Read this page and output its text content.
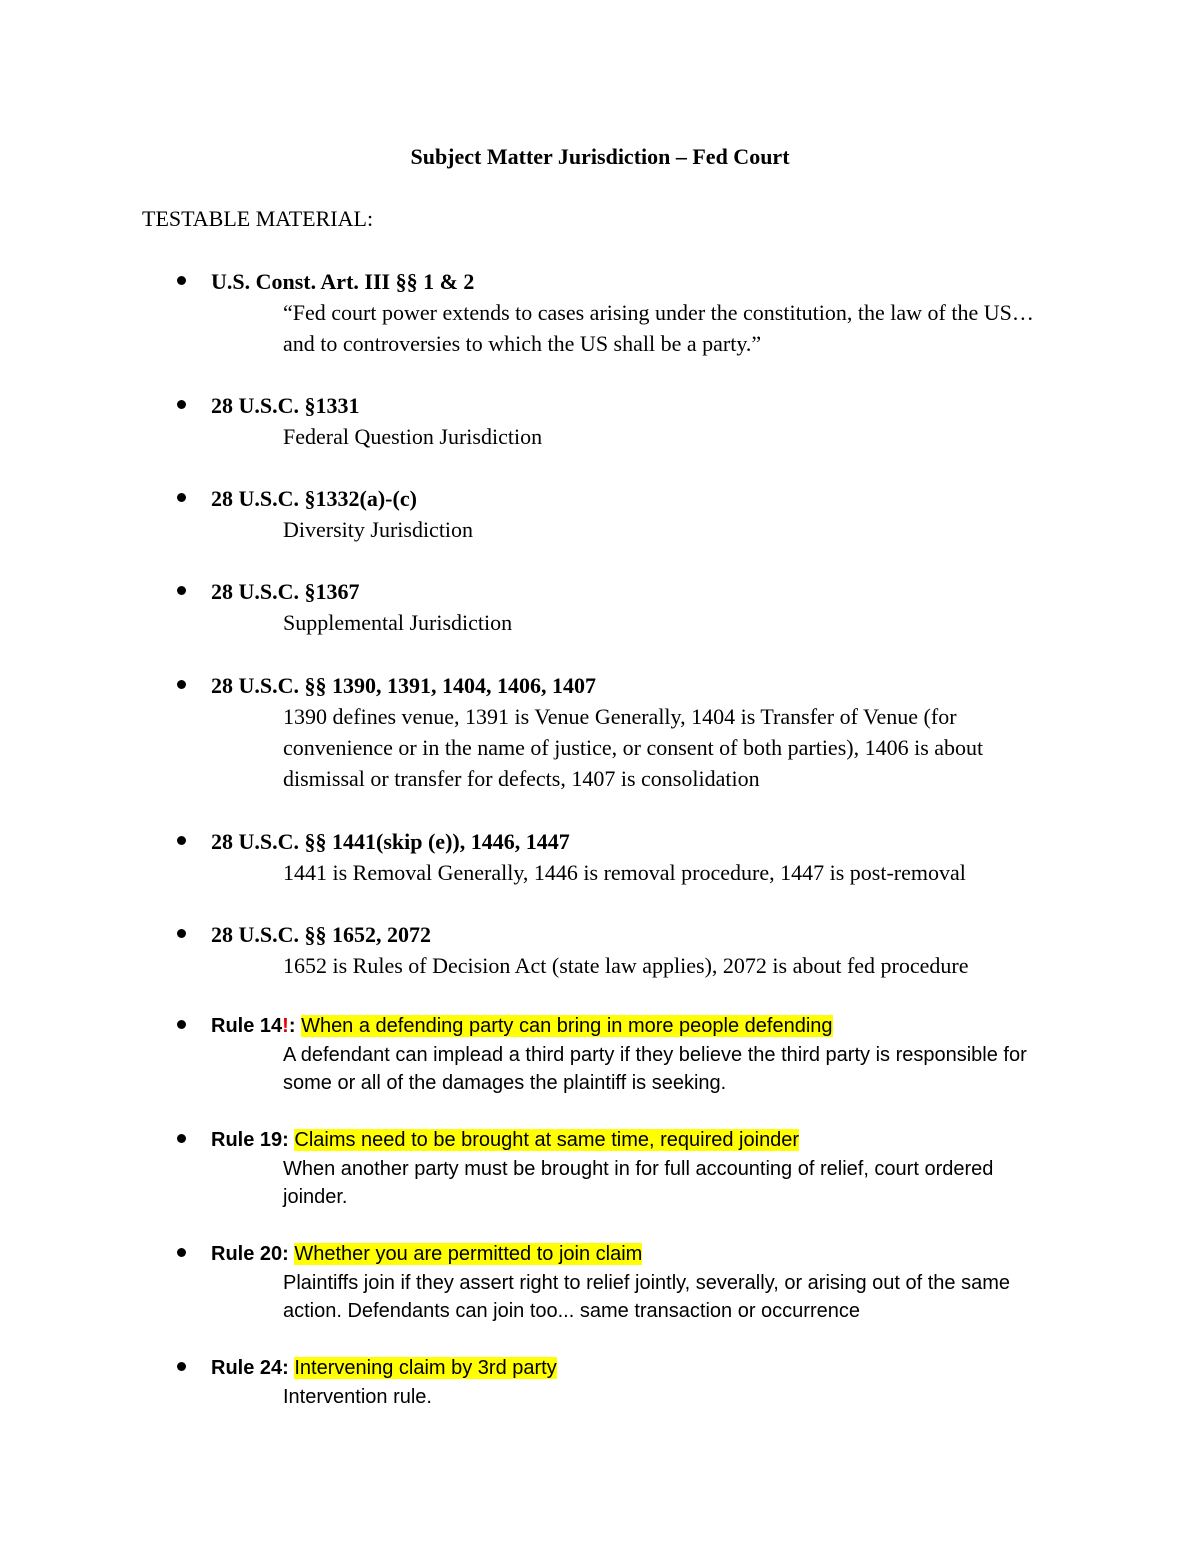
Subject Matter Jurisdiction – Fed Court
TESTABLE MATERIAL:
U.S. Const. Art. III §§ 1 & 2
“Fed court power extends to cases arising under the constitution, the law of the US… and to controversies to which the US shall be a party.”
28 U.S.C. §1331
Federal Question Jurisdiction
28 U.S.C. §1332(a)-(c)
Diversity Jurisdiction
28 U.S.C. §1367
Supplemental Jurisdiction
28 U.S.C. §§ 1390, 1391, 1404, 1406, 1407
1390 defines venue, 1391 is Venue Generally, 1404 is Transfer of Venue (for convenience or in the name of justice, or consent of both parties), 1406 is about dismissal or transfer for defects, 1407 is consolidation
28 U.S.C. §§ 1441(skip (e)), 1446, 1447
1441 is Removal Generally, 1446 is removal procedure, 1447 is post-removal
28 U.S.C. §§ 1652, 2072
1652 is Rules of Decision Act (state law applies), 2072 is about fed procedure
Rule 14!: When a defending party can bring in more people defending
A defendant can implead a third party if they believe the third party is responsible for some or all of the damages the plaintiff is seeking.
Rule 19: Claims need to be brought at same time, required joinder
When another party must be brought in for full accounting of relief, court ordered joinder.
Rule 20: Whether you are permitted to join claim
Plaintiffs join if they assert right to relief jointly, severally, or arising out of the same action. Defendants can join too... same transaction or occurrence
Rule 24: Intervening claim by 3rd party
Intervention rule.
